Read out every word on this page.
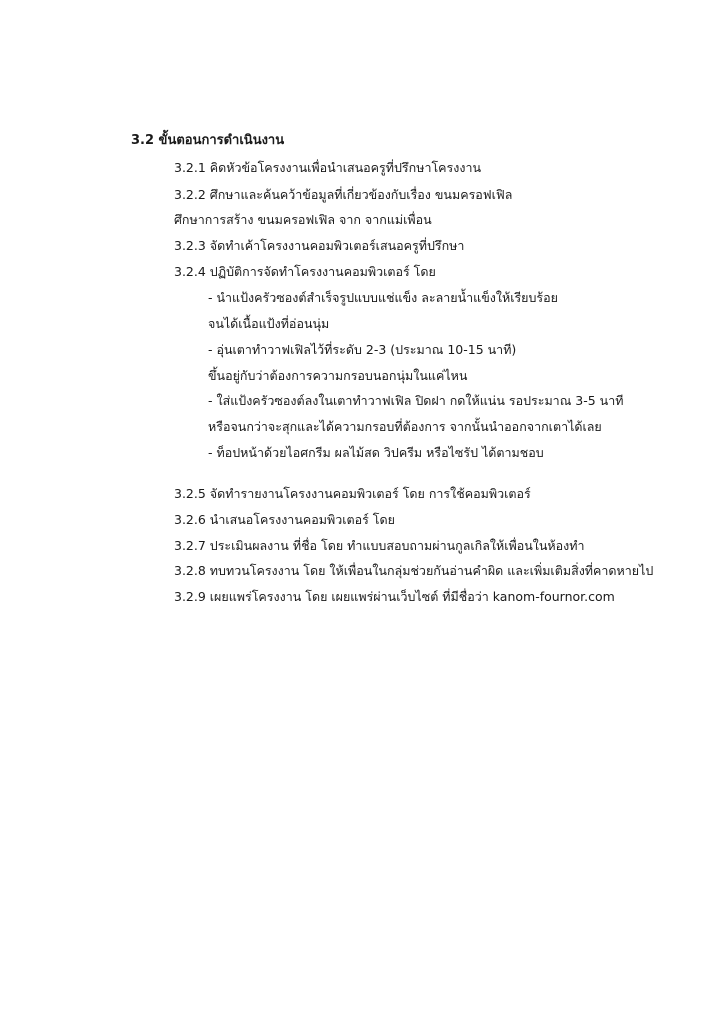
3.2 ขั้นตอนการดำเนินงาน
3.2.1 คิดหัวข้อโครงงานเพื่อนำเสนอครูที่ปรึกษาโครงงาน
3.2.2 ศึกษาและค้นคว้าข้อมูลที่เกี่ยวข้องกับเรื่อง ขนมครอฟเฟิล
ศึกษาการสร้าง ขนมครอฟเฟิล จาก จากแม่เพื่อน
3.2.3 จัดทำเค้าโครงงานคอมพิวเตอร์เสนอครูที่ปรึกษา
3.2.4 ปฏิบัติการจัดทำโครงงานคอมพิวเตอร์ โดย
- นำแป้งครัวซองต์สำเร็จรูปแบบแช่แข็ง ละลายน้ำแข็งให้เรียบร้อย
จนได้เนื้อแป้งที่อ่อนนุ่ม
- อุ่นเตาทำวาฟเฟิลไว้ที่ระดับ 2-3 (ประมาณ 10-15 นาที)
ขึ้นอยู่กับว่าต้องการความกรอบนอกนุ่มในแค่ไหน
- ใส่แป้งครัวซองต์ลงในเตาทำวาฟเฟิล ปิดฝา กดให้แน่น รอประมาณ 3-5 นาที
หรือจนกว่าจะสุกและได้ความกรอบที่ต้องการ จากนั้นนำออกจากเตาได้เลย
- ท็อปหน้าด้วยไอศกรีม ผลไม้สด วิปครีม หรือไซรัป ได้ตามชอบ
3.2.5 จัดทำรายงานโครงงานคอมพิวเตอร์ โดย การใช้คอมพิวเตอร์
3.2.6 นำเสนอโครงงานคอมพิวเตอร์ โดย
3.2.7 ประเมินผลงาน ที่ชื่อ โดย ทำแบบสอบถามผ่านกูลเกิลให้เพื่อนในห้องทำ
3.2.8 ทบทวนโครงงาน โดย ให้เพื่อนในกลุ่มช่วยกันอ่านคำผิด และเพิ่มเติมสิ่งที่คาดหายไป
3.2.9 เผยแพร่โครงงาน โดย เผยแพร่ผ่านเว็บไซต์ ที่มีชื่อว่า kanom-fournor.com
